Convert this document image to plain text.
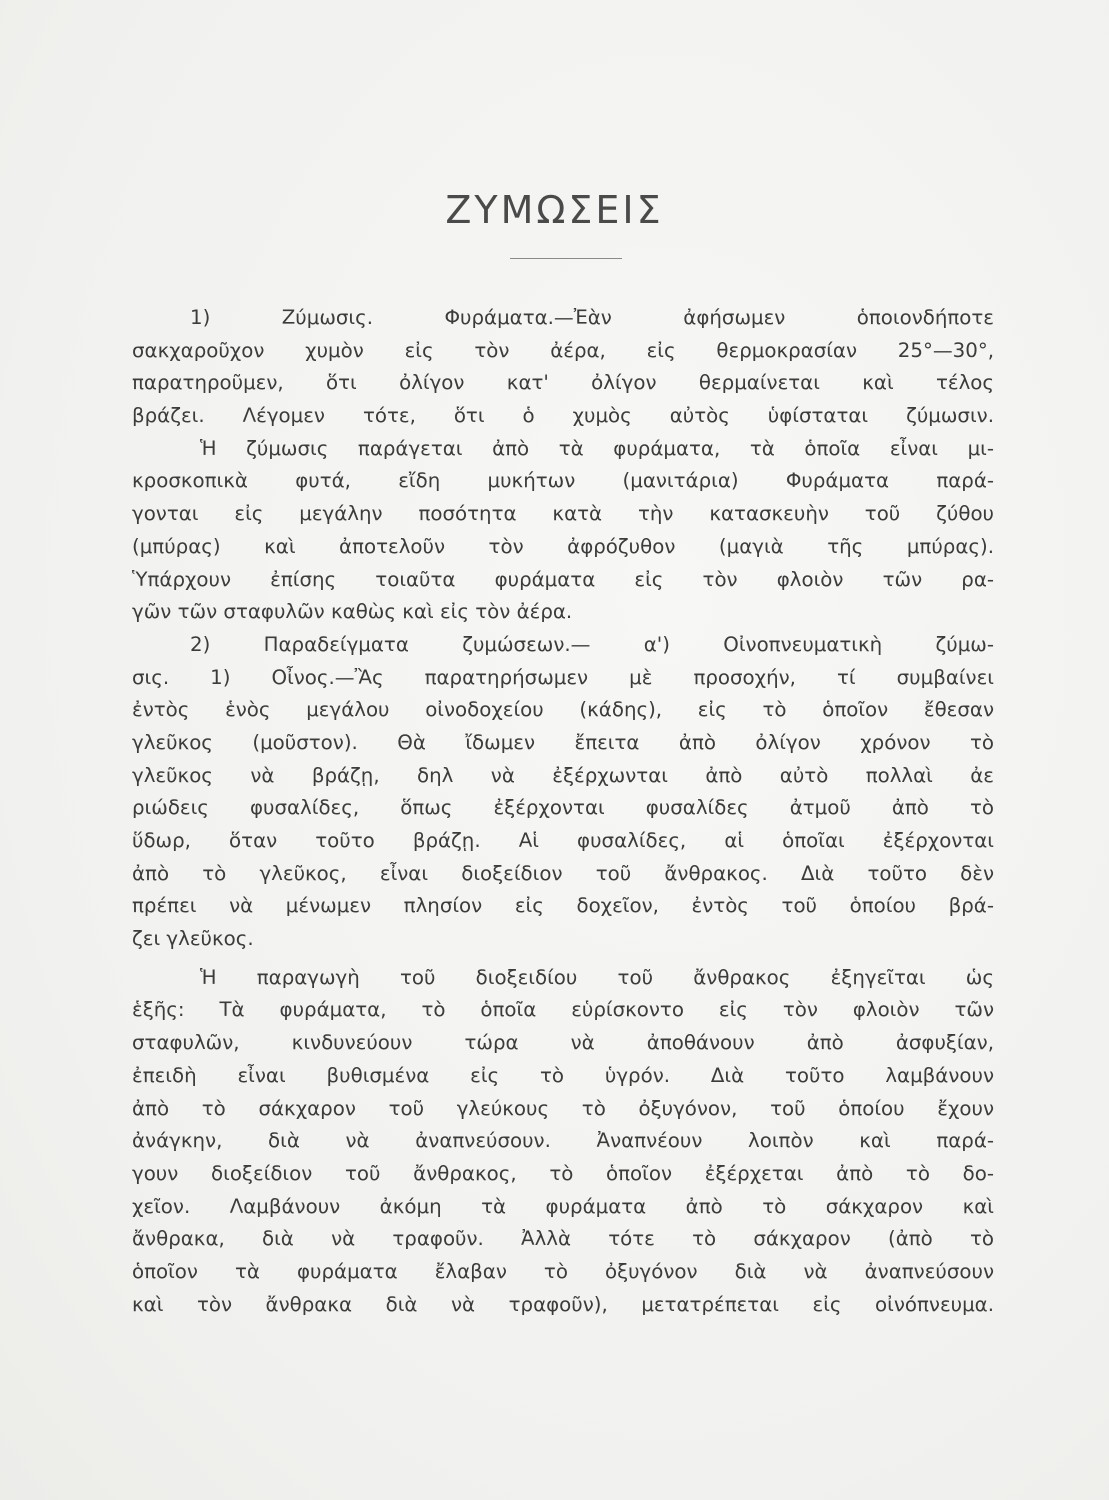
ΖΥΜΩΣΕΙΣ
1) Ζύμωσις. Φυράματα.—Ἐὰν ἀφήσωμεν ὁποιονδήποτε
σακχαροῦχον χυμὸν εἰς τὸν ἀέρα, εἰς θερμοκρασίαν 25°—30°,
παρατηροῦμεν, ὅτι ὀλίγον κατ' ὀλίγον θερμαίνεται καὶ τέλος
βράζει. Λέγομεν τότε, ὅτι ὁ χυμὸς αὐτὸς ὑφίσταται ζύμωσιν.
Ἡ ζύμωσις παράγεται ἀπὸ τὰ φυράματα, τὰ ὁποῖα εἶναι μι-
κροσκοπικὰ φυτά, εἴδη μυκήτων (μανιτάρια) Φυράματα παρά-
γονται εἰς μεγάλην ποσότητα κατὰ τὴν κατασκευὴν τοῦ ζύθου
(μπύρας) καὶ ἀποτελοῦν τὸν ἀφρόζυθον (μαγιὰ τῆς μπύρας).
Ὑπάρχουν ἐπίσης τοιαῦτα φυράματα εἰς τὸν φλοιὸν τῶν ρα-
γῶν τῶν σταφυλῶν καθὼς καὶ εἰς τὸν ἀέρα.
2) Παραδείγματα ζυμώσεων.— α') Οἰνοπνευματικὴ ζύμω-
σις. 1) Οἶνος.—Ἂς παρατηρήσωμεν μὲ προσοχήν, τί συμβαίνει
ἐντὸς ἑνὸς μεγάλου οἰνοδοχείου (κάδης), εἰς τὸ ὁποῖον ἔθεσαν
γλεῦκος (μοῦστον). Θὰ ἴδωμεν ἔπειτα ἀπὸ ὀλίγον χρόνον τὸ
γλεῦκος νὰ βράζῃ, δηλ νὰ ἐξέρχωνται ἀπὸ αὐτὸ πολλαὶ ἀε
ριώδεις φυσαλίδες, ὅπως ἐξέρχονται φυσαλίδες ἀτμοῦ ἀπὸ τὸ
ὕδωρ, ὅταν τοῦτο βράζῃ. Αἱ φυσαλίδες, αἱ ὁποῖαι ἐξέρχονται
ἀπὸ τὸ γλεῦκος, εἶναι διοξείδιον τοῦ ἄνθρακος. Διὰ τοῦτο δὲν
πρέπει νὰ μένωμεν πλησίον εἰς δοχεῖον, ἐντὸς τοῦ ὁποίου βρά-
ζει γλεῦκος.
Ἡ παραγωγὴ τοῦ διοξειδίου τοῦ ἄνθρακος ἐξηγεῖται ὡς
ἑξῆς: Τὰ φυράματα, τὸ ὁποῖα εὑρίσκοντο εἰς τὸν φλοιὸν τῶν
σταφυλῶν, κινδυνεύουν τώρα νὰ ἀποθάνουν ἀπὸ ἀσφυξίαν,
ἐπειδὴ εἶναι βυθισμένα εἰς τὸ ὑγρόν. Διὰ τοῦτο λαμβάνουν
ἀπὸ τὸ σάκχαρον τοῦ γλεύκους τὸ ὀξυγόνον, τοῦ ὁποίου ἔχουν
ἀνάγκην, διὰ νὰ ἀναπνεύσουν. Ἀναπνέουν λοιπὸν καὶ παρά-
γουν διοξείδιον τοῦ ἄνθρακος, τὸ ὁποῖον ἐξέρχεται ἀπὸ τὸ δο-
χεῖον. Λαμβάνουν ἀκόμη τὰ φυράματα ἀπὸ τὸ σάκχαρον καὶ
ἄνθρακα, διὰ νὰ τραφοῦν. Ἀλλὰ τότε τὸ σάκχαρον (ἀπὸ τὸ
ὁποῖον τὰ φυράματα ἔλαβαν τὸ ὀξυγόνον διὰ νὰ ἀναπνεύσουν
καὶ τὸν ἄνθρακα διὰ νὰ τραφοῦν), μετατρέπεται εἰς οἰνόπνευμα.
